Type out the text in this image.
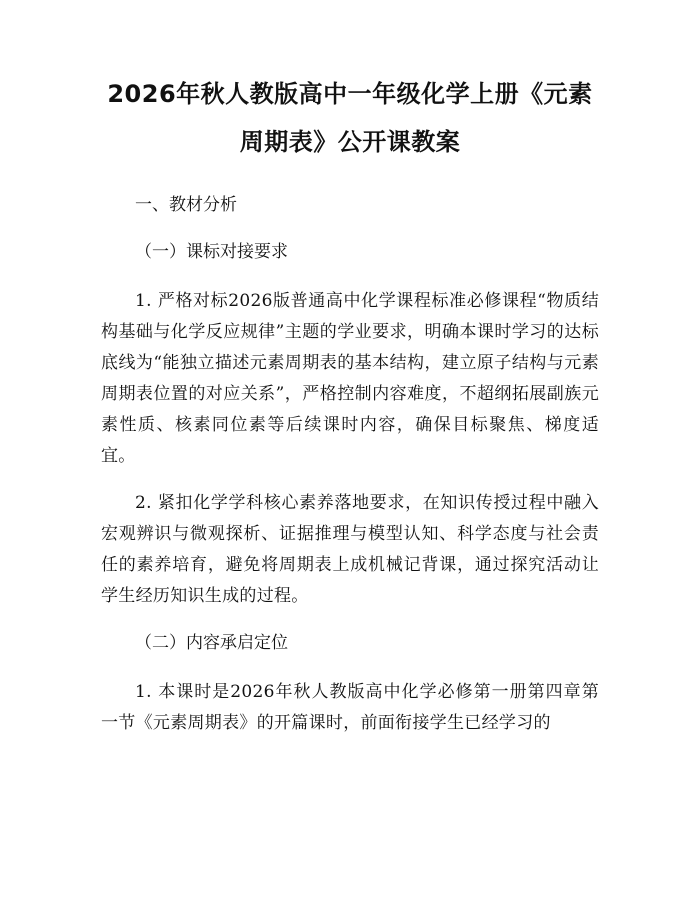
2026年秋人教版高中一年级化学上册《元素
周期表》公开课教案

一、教材分析

（一）课标对接要求

1. 严格对标2026版普通高中化学课程标准必修课程“物质结构基础与化学反应规律”主题的学业要求，明确本课时学习的达标底线为“能独立描述元素周期表的基本结构，建立原子结构与元素周期表位置的对应关系”，严格控制内容难度，不超纲拓展副族元素性质、核素同位素等后续课时内容，确保目标聚焦、梯度适宜。

2. 紧扣化学学科核心素养落地要求，在知识传授过程中融入宏观辨识与微观探析、证据推理与模型认知、科学态度与社会责任的素养培育，避免将周期表上成机械记背课，通过探究活动让学生经历知识生成的过程。

（二）内容承启定位

1. 本课时是2026年秋人教版高中化学必修第一册第四章第一节《元素周期表》的开篇课时，前面衔接学生已经学习的
